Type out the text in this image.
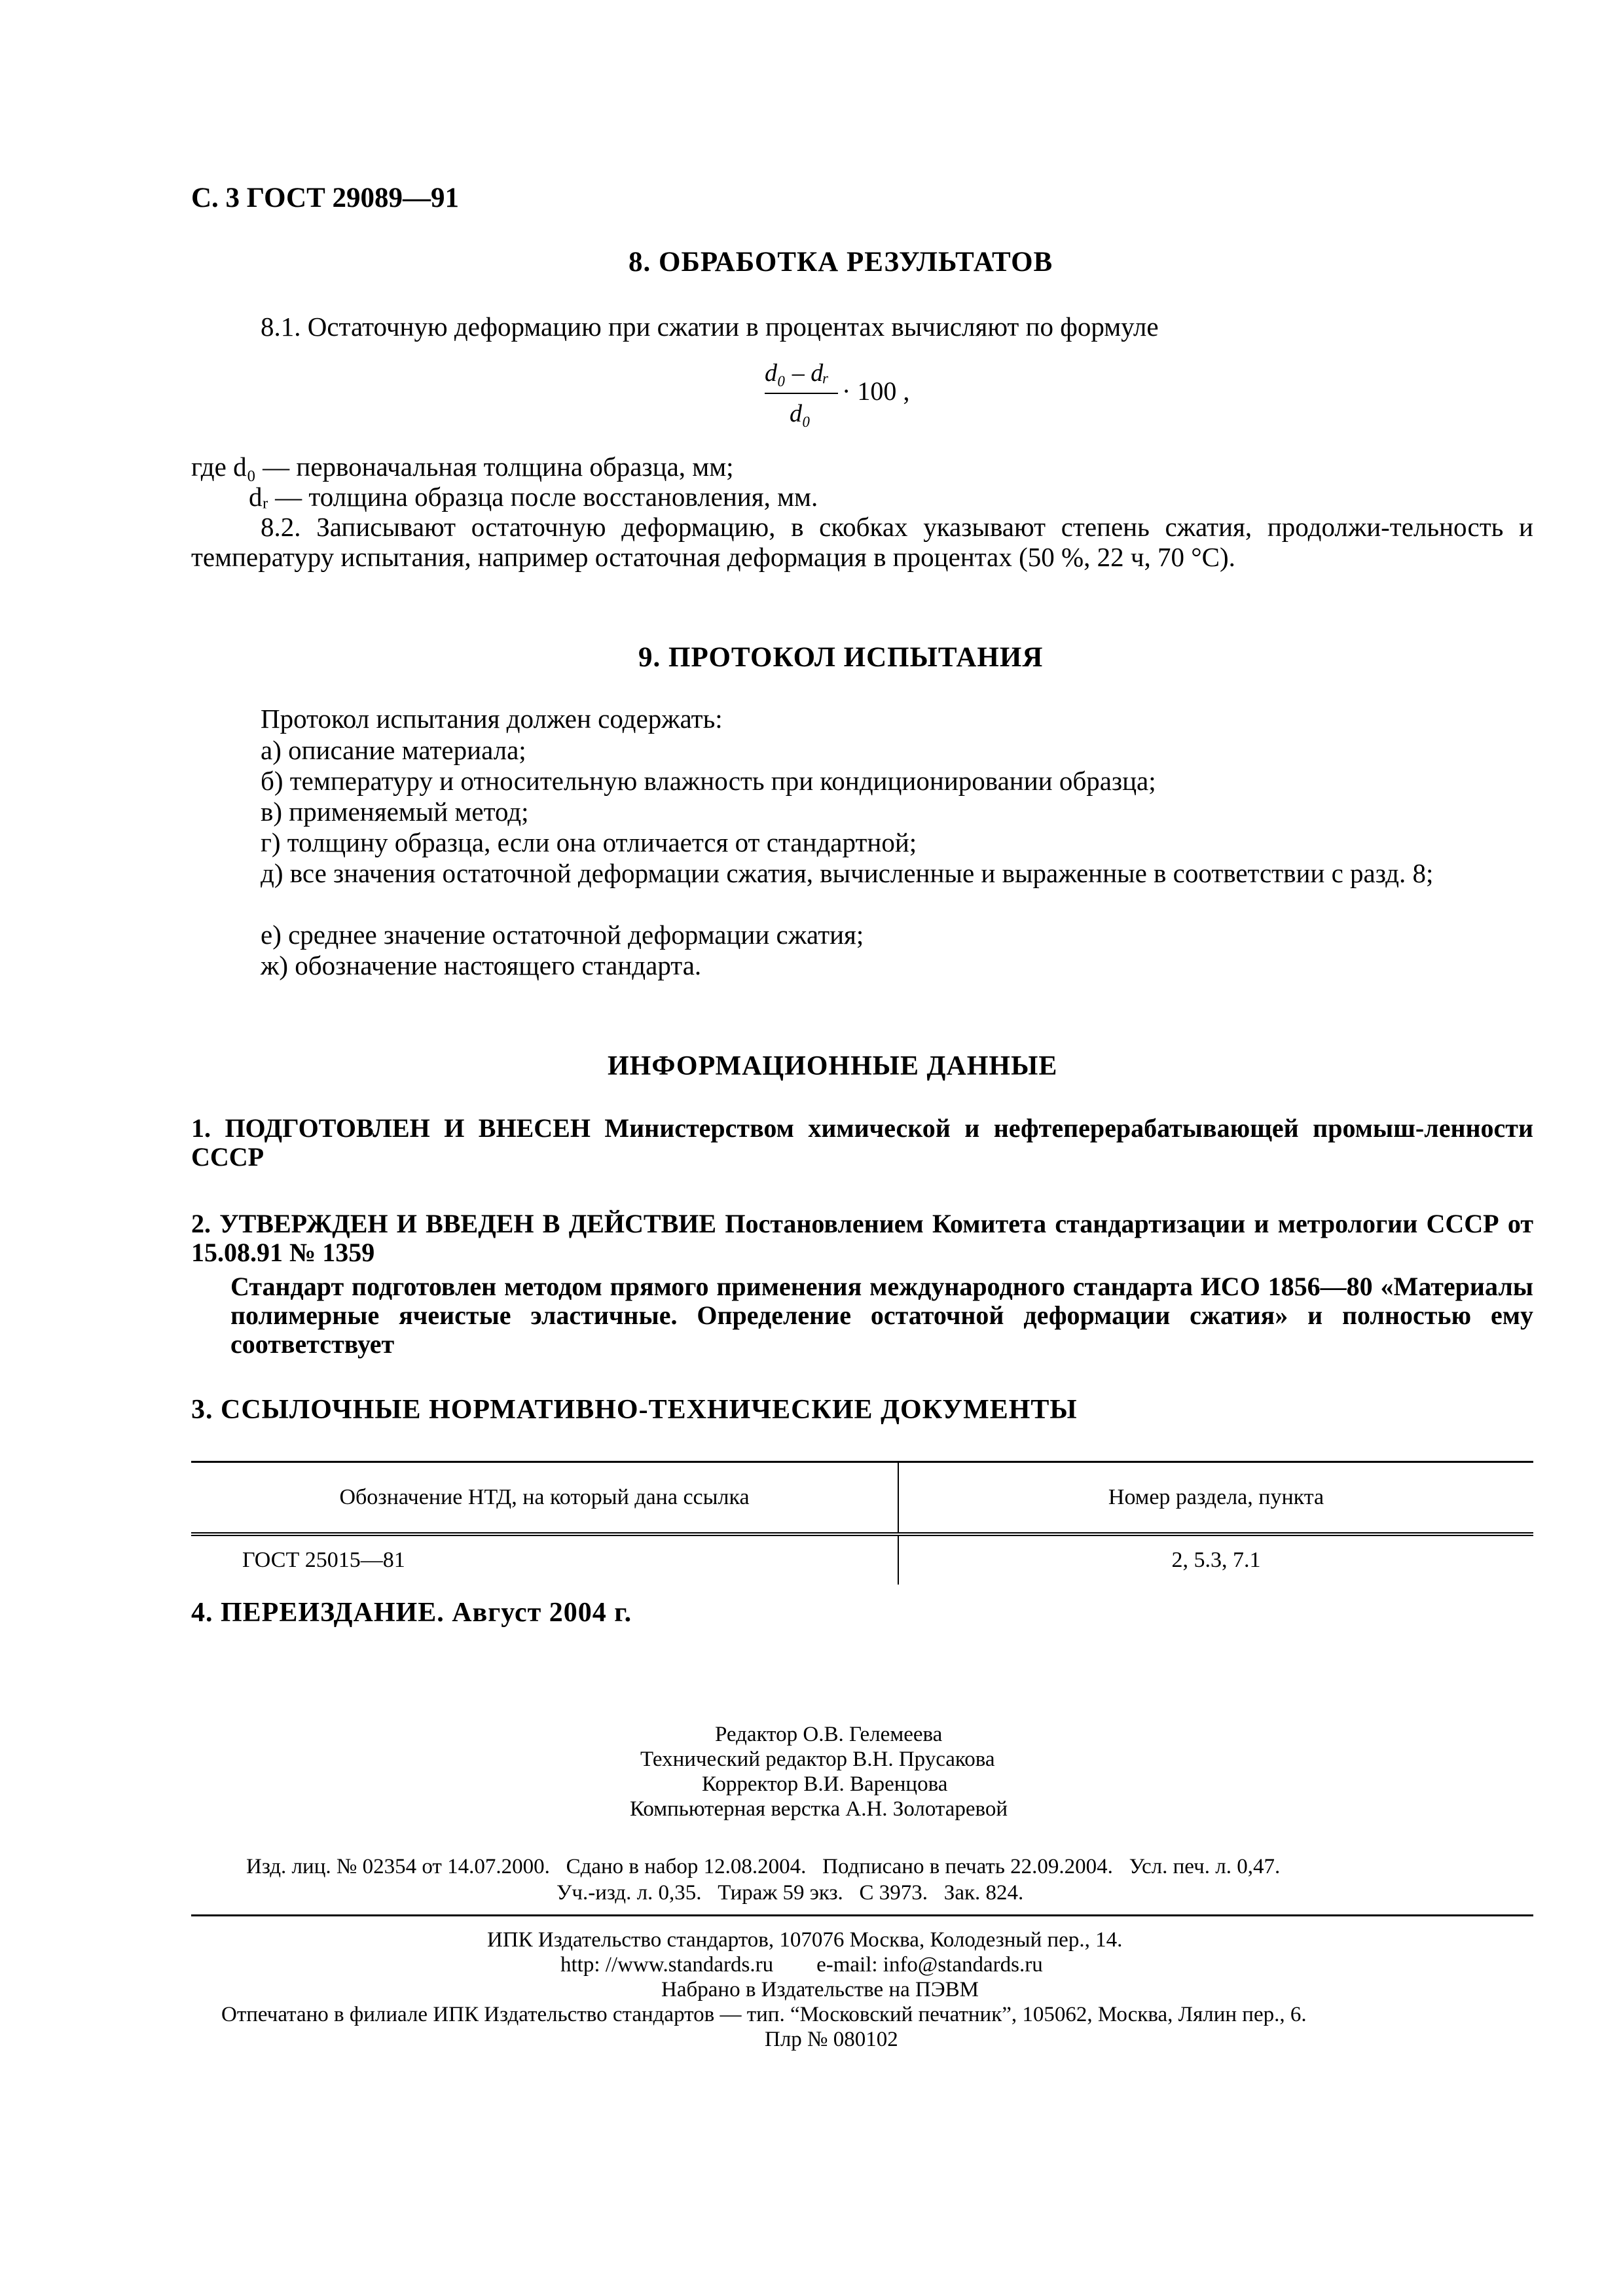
С. 3 ГОСТ 29089—91
8. ОБРАБОТКА РЕЗУЛЬТАТОВ
8.1. Остаточную деформацию при сжатии в процентах вычисляют по формуле
d₀ – dᵣ
d₀
· 100 ,
где d₀ — первоначальная толщина образца, мм;
dᵣ — толщина образца после восстановления, мм.
8.2. Записывают остаточную деформацию, в скобках указывают степень сжатия, продолжи-тельность и температуру испытания, например остаточная деформация в процентах (50 %, 22 ч, 70 °С).
9. ПРОТОКОЛ ИСПЫТАНИЯ
Протокол испытания должен содержать:
а) описание материала;
б) температуру и относительную влажность при кондиционировании образца;
в) применяемый метод;
г) толщину образца, если она отличается от стандартной;
д) все значения остаточной деформации сжатия, вычисленные и выраженные в соответствии с разд. 8;
е) среднее значение остаточной деформации сжатия;
ж) обозначение настоящего стандарта.
ИНФОРМАЦИОННЫЕ ДАННЫЕ
1. ПОДГОТОВЛЕН И ВНЕСЕН Министерством химической и нефтеперерабатывающей промыш-ленности СССР
2. УТВЕРЖДЕН И ВВЕДЕН В ДЕЙСТВИЕ Постановлением Комитета стандартизации и метрологии СССР от 15.08.91 № 1359
Стандарт подготовлен методом прямого применения международного стандарта ИСО 1856—80 «Материалы полимерные ячеистые эластичные. Определение остаточной деформации сжатия» и полностью ему соответствует
3. ССЫЛОЧНЫЕ НОРМАТИВНО-ТЕХНИЧЕСКИЕ ДОКУМЕНТЫ
Обозначение НТД, на который дана ссылка	Номер раздела, пункта
ГОСТ 25015—81	2, 5.3, 7.1
4. ПЕРЕИЗДАНИЕ. Август 2004 г.
Редактор О.В. Гелемеева
Технический редактор В.Н. Прусакова
Корректор В.И. Варенцова
Компьютерная верстка А.Н. Золотаревой
Изд. лиц. № 02354 от 14.07.2000.   Сдано в набор 12.08.2004.   Подписано в печать 22.09.2004.   Усл. печ. л. 0,47.
Уч.-изд. л. 0,35.   Тираж 59 экз.   С 3973.   Зак. 824.
ИПК Издательство стандартов, 107076 Москва, Колодезный пер., 14.
http: //www.standards.ru        e-mail: info@standards.ru
Набрано в Издательстве на ПЭВМ
Отпечатано в филиале ИПК Издательство стандартов — тип. “Московский печатник”, 105062, Москва, Лялин пер., 6.
Плр № 080102
